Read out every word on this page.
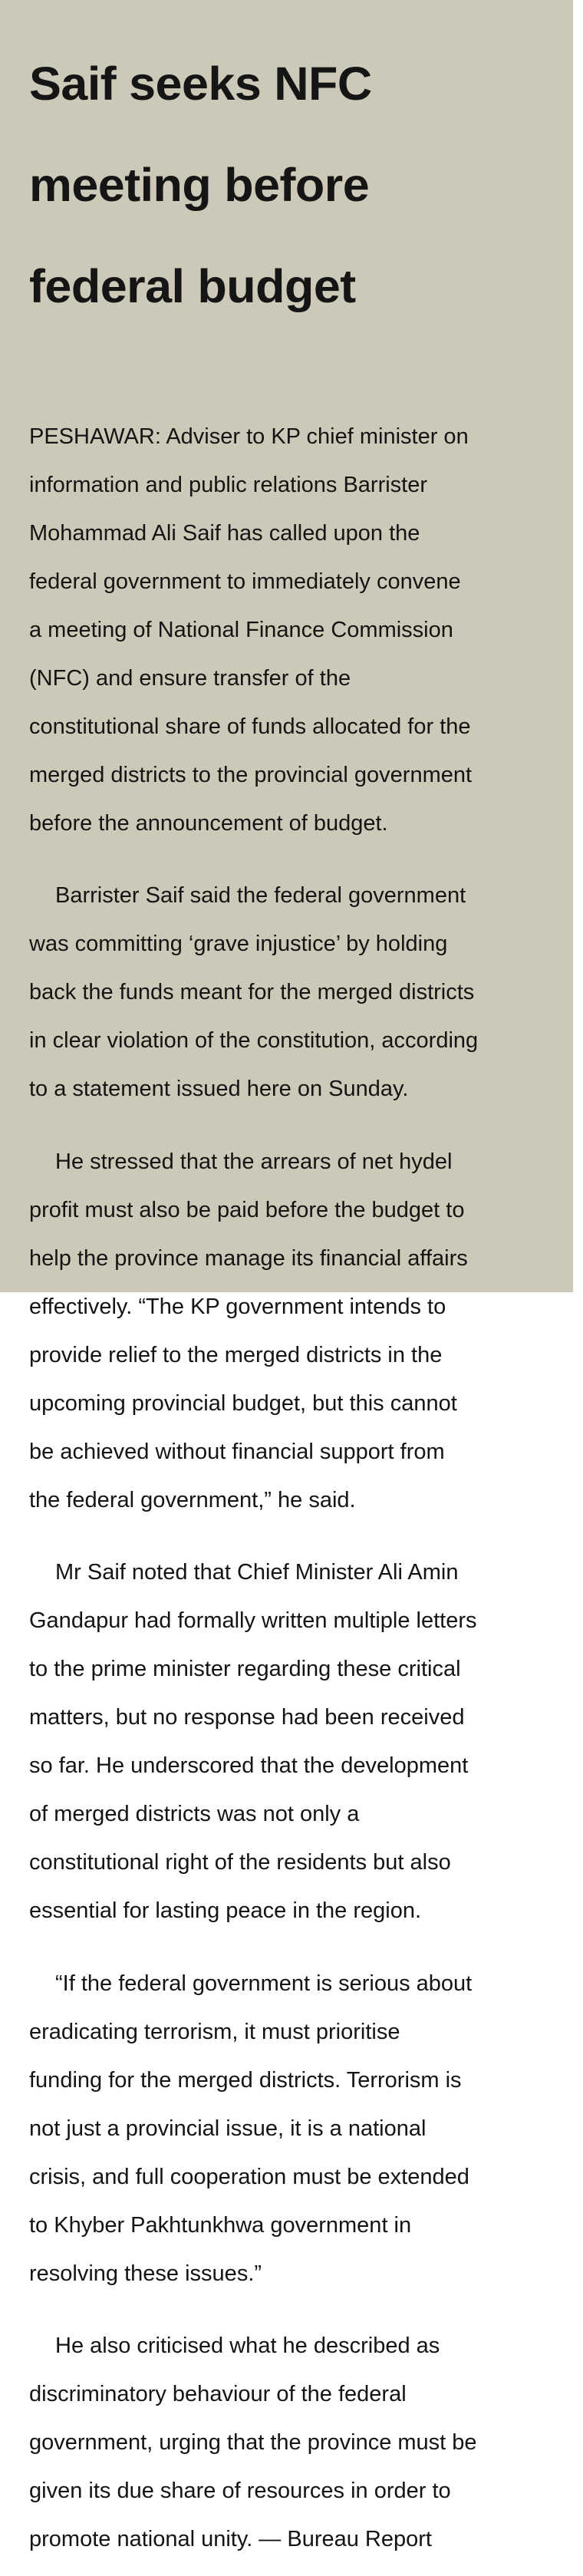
Saif seeks NFC

meeting before

federal budget

PESHAWAR: Adviser to KP chief minister on

information and public relations Barrister

Mohammad Ali Saif has called upon the

federal government to immediately convene

a meeting of National Finance Commission

(NFC) and ensure transfer of the

constitutional share of funds allocated for the

merged districts to the provincial government

before the announcement of budget.

Barrister Saif said the federal government

was committing ‘grave injustice’ by holding

back the funds meant for the merged districts

in clear violation of the constitution, according

to a statement issued here on Sunday.

He stressed that the arrears of net hydel

profit must also be paid before the budget to

help the province manage its financial affairs

effectively. “The KP government intends to

provide relief to the merged districts in the

upcoming provincial budget, but this cannot

be achieved without financial support from

the federal government,” he said.

Mr Saif noted that Chief Minister Ali Amin

Gandapur had formally written multiple letters

to the prime minister regarding these critical

matters, but no response had been received

so far. He underscored that the development

of merged districts was not only a

constitutional right of the residents but also

essential for lasting peace in the region.

“If the federal government is serious about

eradicating terrorism, it must prioritise

funding for the merged districts. Terrorism is

not just a provincial issue, it is a national

crisis, and full cooperation must be extended

to Khyber Pakhtunkhwa government in

resolving these issues.”

He also criticised what he described as

discriminatory behaviour of the federal

government, urging that the province must be

given its due share of resources in order to

promote national unity. — Bureau Report
